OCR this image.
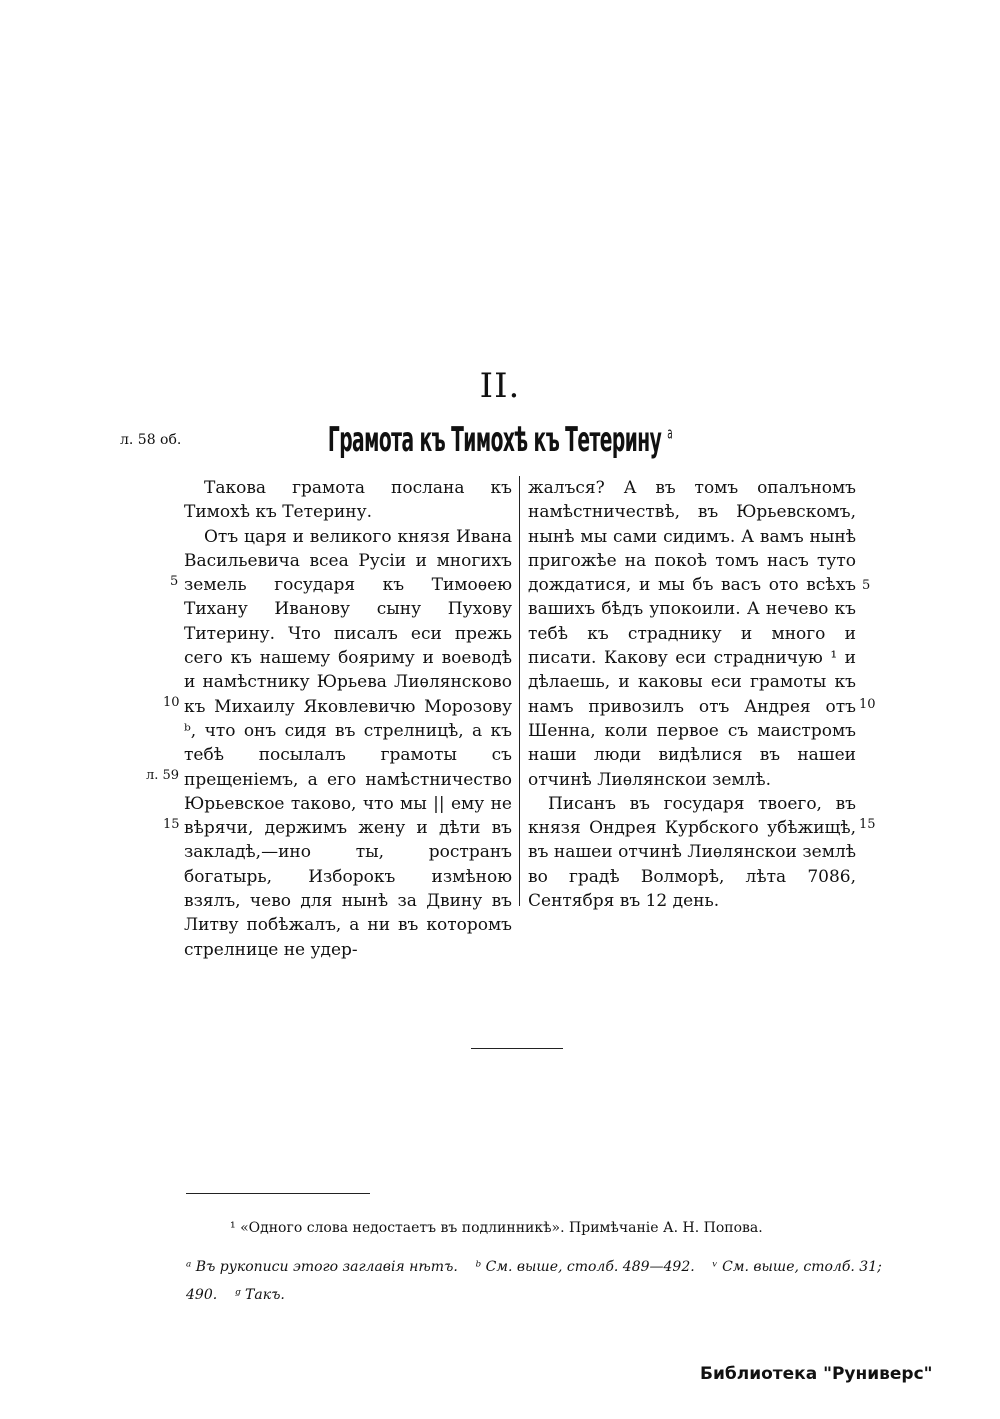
II.
л. 58 об.	Грамота къ Тимохѣ къ Тетерину $^а$

Такова грамота послана къ Тимохѣ къ Тетерину.

Отъ царя и великого князя Ивана Васильевича всеа Русіи и многихъ земель государя къ Тимоѳею Тихану Иванову сыну Пухову Титерину. Что писалъ еси прежь сего къ нашему бояриму и воеводѣ и намѣстнику Юрьева Лиѳлянсково къ Михаилу Яковлевичю Морозову ᵇ, что онъ сидя въ стрелницѣ, а къ тебѣ посылалъ грамоты съ прещеніемъ, а его намѣстничество Юрьевское таково, что мы || ему не вѣрячи, держимъ жену и дѣти въ закладѣ,—ино ты, ространъ богатырь, Изборокъ измѣною взялъ, чево для нынѣ за Двину въ Литву побѣжалъ, а ни въ которомъ стрелнице не удер-

жалъся? А въ томъ опалъномъ намѣстничествѣ, въ Юрьевскомъ, нынѣ мы сами сидимъ. А вамъ нынѣ пригожѣе на покоѣ томъ насъ туто дождатися, и мы бъ васъ ото всѣхъ вашихъ бѣдъ упокоили. А нечево къ тебѣ къ страднику и много и писати. Какову еси страдничую ¹ и дѣлаешь, и каковы еси грамоты къ намъ привозилъ отъ Андрея отъ Шенна, коли первое съ маистромъ наши люди видѣлися въ нашеи отчинѣ Лиѳлянскои землѣ.

Писанъ въ государя твоего, въ князя Ондрея Курбского убѣжищѣ, въ нашеи отчинѣ Лиѳлянскои землѣ во градѣ Волморѣ, лѣта 7086, Сентября въ 12 день.

5
10
л. 59
15
5
10
15
¹ «Одного слова недостаетъ въ подлинникѣ». Примѣчаніе А. Н. Попова.
ᵃ Въ рукописи этого заглавія нѣтъ. ᵇ См. выше, столб. 489—492. ᵛ См. выше, столб. 31; 490. ᵍ Такъ.
Библиотека "Руниверс"
